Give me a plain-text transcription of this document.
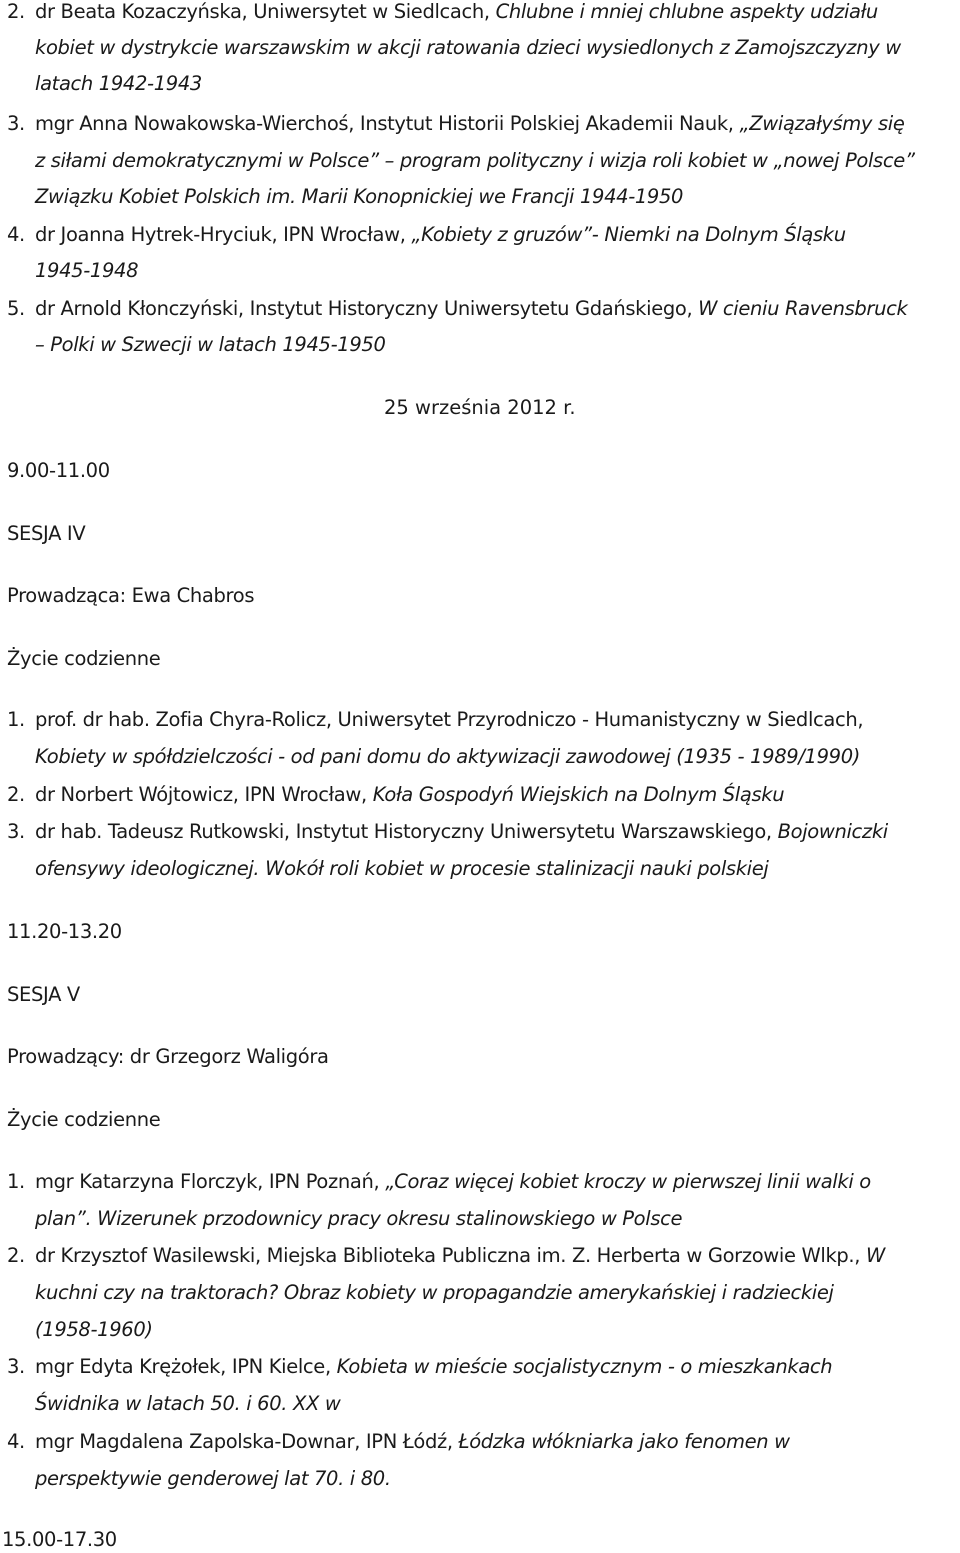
2. dr Beata Kozaczyńska, Uniwersytet w Siedlcach, Chlubne i mniej chlubne aspekty udziału
kobiet w dystrykcie warszawskim w akcji ratowania dzieci wysiedlonych z Zamojszczyzny w
latach 1942-1943
3. mgr Anna Nowakowska-Wierchoś, Instytut Historii Polskiej Akademii Nauk, „Związałyśmy się
z siłami demokratycznymi w Polsce” – program polityczny i wizja roli kobiet w „nowej Polsce”
Związku Kobiet Polskich im. Marii Konopnickiej we Francji 1944-1950
4. dr Joanna Hytrek-Hryciuk, IPN Wrocław, „Kobiety z gruzów”- Niemki na Dolnym Śląsku
1945-1948
5. dr Arnold Kłonczyński, Instytut Historyczny Uniwersytetu Gdańskiego, W cieniu Ravensbruck
– Polki w Szwecji w latach 1945-1950
25 września 2012 r.
9.00-11.00
SESJA IV
Prowadząca: Ewa Chabros
Życie codzienne
1. prof. dr hab. Zofia Chyra-Rolicz, Uniwersytet Przyrodniczo - Humanistyczny w Siedlcach,
Kobiety w spółdzielczości - od pani domu do aktywizacji zawodowej (1935 - 1989/1990)
2. dr Norbert Wójtowicz, IPN Wrocław, Koła Gospodyń Wiejskich na Dolnym Śląsku
3. dr hab. Tadeusz Rutkowski, Instytut Historyczny Uniwersytetu Warszawskiego, Bojowniczki
ofensywy ideologicznej. Wokół roli kobiet w procesie stalinizacji nauki polskiej
11.20-13.20
SESJA V
Prowadzący: dr Grzegorz Waligóra
Życie codzienne
1. mgr Katarzyna Florczyk, IPN Poznań, „Coraz więcej kobiet kroczy w pierwszej linii walki o
plan”. Wizerunek przodownicy pracy okresu stalinowskiego w Polsce
2. dr Krzysztof Wasilewski, Miejska Biblioteka Publiczna im. Z. Herberta w Gorzowie Wlkp., W
kuchni czy na traktorach? Obraz kobiety w propagandzie amerykańskiej i radzieckiej
(1958-1960)
3. mgr Edyta Krężołek, IPN Kielce, Kobieta w mieście socjalistycznym - o mieszkankach
Świdnika w latach 50. i 60. XX w
4. mgr Magdalena Zapolska-Downar, IPN Łódź, Łódzka włókniarka jako fenomen w
perspektywie genderowej lat 70. i 80.
15.00-17.30
